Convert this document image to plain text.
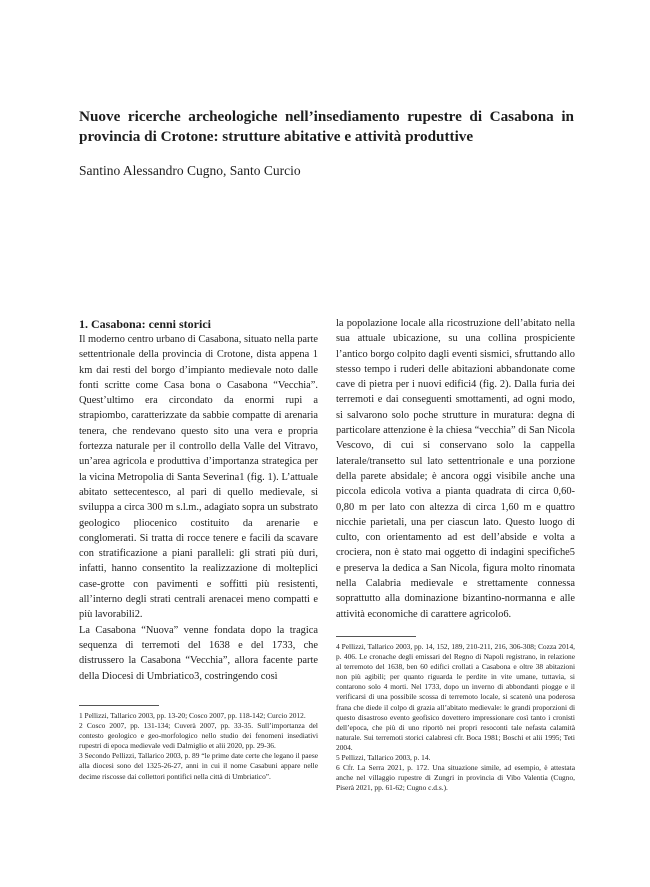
Nuove ricerche archeologiche nell’insediamento rupestre di Casabona in provincia di Crotone: strutture abitative e attività produttive
Santino Alessandro Cugno, Santo Curcio
1. Casabona: cenni storici

Il moderno centro urbano di Casabona, situato nella parte settentrionale della provincia di Crotone, dista appena 1 km dai resti del borgo d’impianto medievale noto dalle fonti scritte come Casa bona o Casabona “Vecchia”. Quest’ultimo era circondato da enormi rupi a strapiombo, caratterizzate da sabbie compatte di arenaria tenera, che rendevano questo sito una vera e propria fortezza naturale per il controllo della Valle del Vitravo, un’area agricola e produttiva d’importanza strategica per la vicina Metropolia di Santa Severina1 (fig. 1). L’attuale abitato settecentesco, al pari di quello medievale, si sviluppa a circa 300 m s.l.m., adagiato sopra un substrato geologico pliocenico costituito da arenarie e conglomerati. Si tratta di rocce tenere e facili da scavare con stratificazione a piani paralleli: gli strati più duri, infatti, hanno consentito la realizzazione di molteplici case-grotte con pavimenti e soffitti più resistenti, all’interno degli strati centrali arenacei meno compatti e più lavorabili2.

La Casabona “Nuova” venne fondata dopo la tragica sequenza di terremoti del 1638 e del 1733, che distrussero la Casabona “Vecchia”, allora facente parte della Diocesi di Umbriatico3, costringendo così

la popolazione locale alla ricostruzione dell’abitato nella sua attuale ubicazione, su una collina prospiciente l’antico borgo colpito dagli eventi sismici, sfruttando allo stesso tempo i ruderi delle abitazioni abbandonate come cave di pietra per i nuovi edifici4 (fig. 2). Dalla furia dei terremoti e dai conseguenti smottamenti, ad ogni modo, si salvarono solo poche strutture in muratura: degna di particolare attenzione è la chiesa “vecchia” di San Nicola Vescovo, di cui si conservano solo la cappella laterale/transetto sul lato settentrionale e una porzione della parete absidale; è ancora oggi visibile anche una piccola edicola votiva a pianta quadrata di circa 0,60-0,80 m per lato con altezza di circa 1,60 m e quattro nicchie parietali, una per ciascun lato. Questo luogo di culto, con orientamento ad est dell’abside e volta a crociera, non è stato mai oggetto di indagini specifiche5 e preserva la dedica a San Nicola, figura molto rinomata nella Calabria medievale e strettamente connessa soprattutto alla dominazione bizantino-normanna e alle attività economiche di carattere agricolo6.

1 Pellizzi, Tallarico 2003, pp. 13-20; Cosco 2007, pp. 118-142; Curcio 2012.

2 Cosco 2007, pp. 131-134; Cuverà 2007, pp. 33-35. Sull’importanza del contesto geologico e geo-morfologico nello studio dei fenomeni insediativi rupestri di epoca medievale vedi Dalmiglio et alii 2020, pp. 29-36.

3 Secondo Pellizzi, Tallarico 2003, p. 89 “le prime date certe che legano il paese alla diocesi sono del 1325-26-27, anni in cui il nome Casabuni appare nelle decime riscosse dai collettori pontifici nella città di Umbriatico”.

4 Pellizzi, Tallarico 2003, pp. 14, 152, 189, 210-211, 216, 306-308; Cozza 2014, p. 406. Le cronache degli emissari del Regno di Napoli registrano, in relazione al terremoto del 1638, ben 60 edifici crollati a Casabona e oltre 38 abitazioni non più agibili; per quanto riguarda le perdite in vite umane, tuttavia, si contarono solo 4 morti. Nel 1733, dopo un inverno di abbondanti piogge e il verificarsi di una possibile scossa di terremoto locale, si scatenò una poderosa frana che diede il colpo di grazia all’abitato medievale: le grandi proporzioni di questo disastroso evento geofisico dovettero impressionare così tanto i cronisti dell’epoca, che più di uno riportò nei propri resoconti tale nefasta calamità naturale. Sui terremoti storici calabresi cfr. Boca 1981; Boschi et alii 1995; Teti 2004.

5 Pellizzi, Tallarico 2003, p. 14.

6 Cfr. La Serra 2021, p. 172. Una situazione simile, ad esempio, è attestata anche nel villaggio rupestre di Zungri in provincia di Vibo Valentia (Cugno, Piserà 2021, pp. 61-62; Cugno c.d.s.).
